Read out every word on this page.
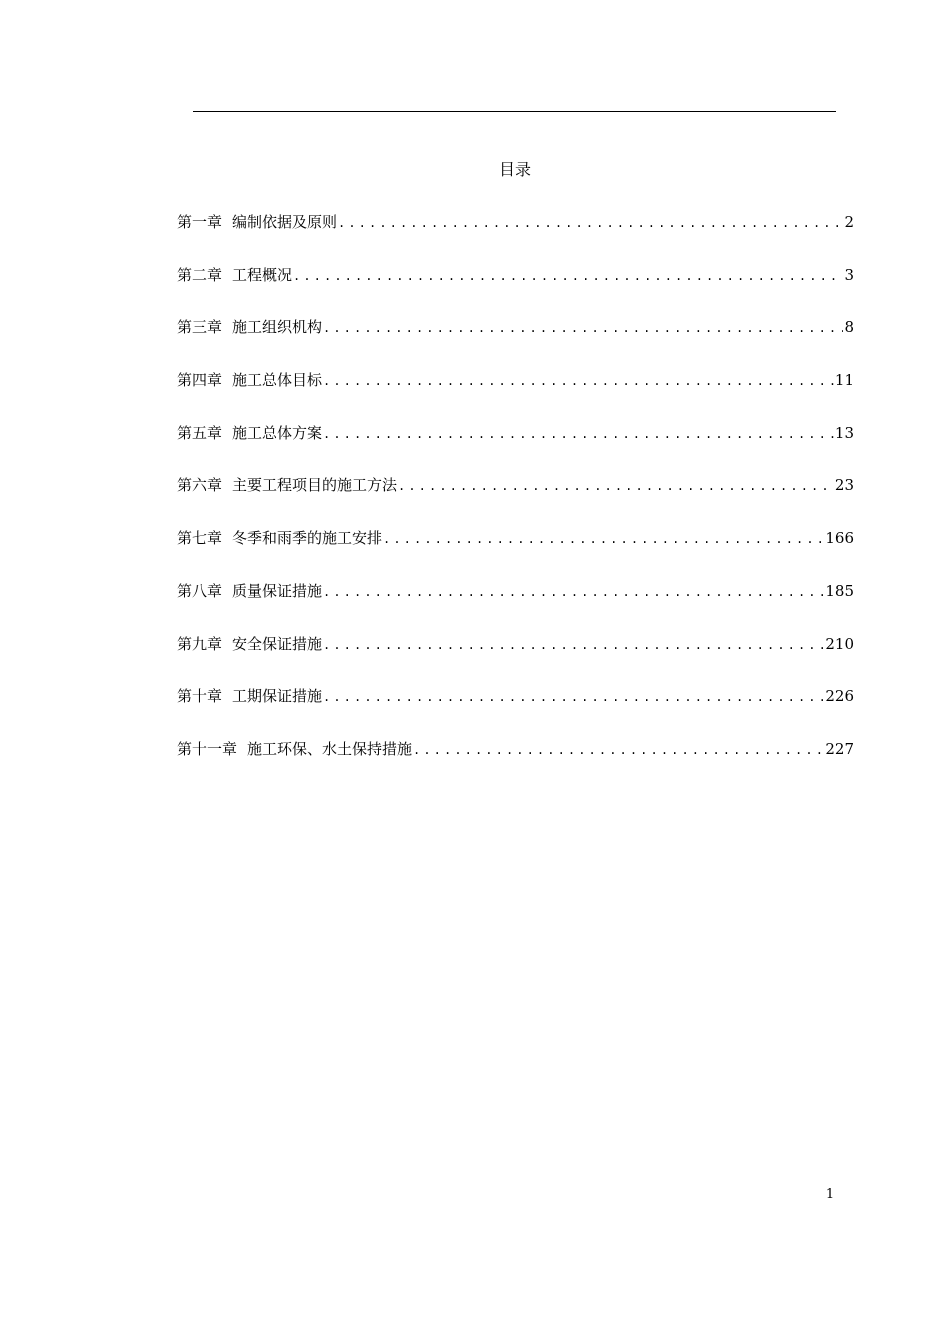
目录
第一章 编制依据及原则 .....	2
第二章 工程概况 .....	3
第三章 施工组织机构 .....	8
第四章 施工总体目标 .....	11
第五章 施工总体方案 .....	13
第六章 主要工程项目的施工方法 .....	23
第七章 冬季和雨季的施工安排 .....	166
第八章 质量保证措施 .....	185
第九章 安全保证措施 .....	210
第十章 工期保证措施 .....	226
第十一章 施工环保、水土保持措施 .....	227
1
